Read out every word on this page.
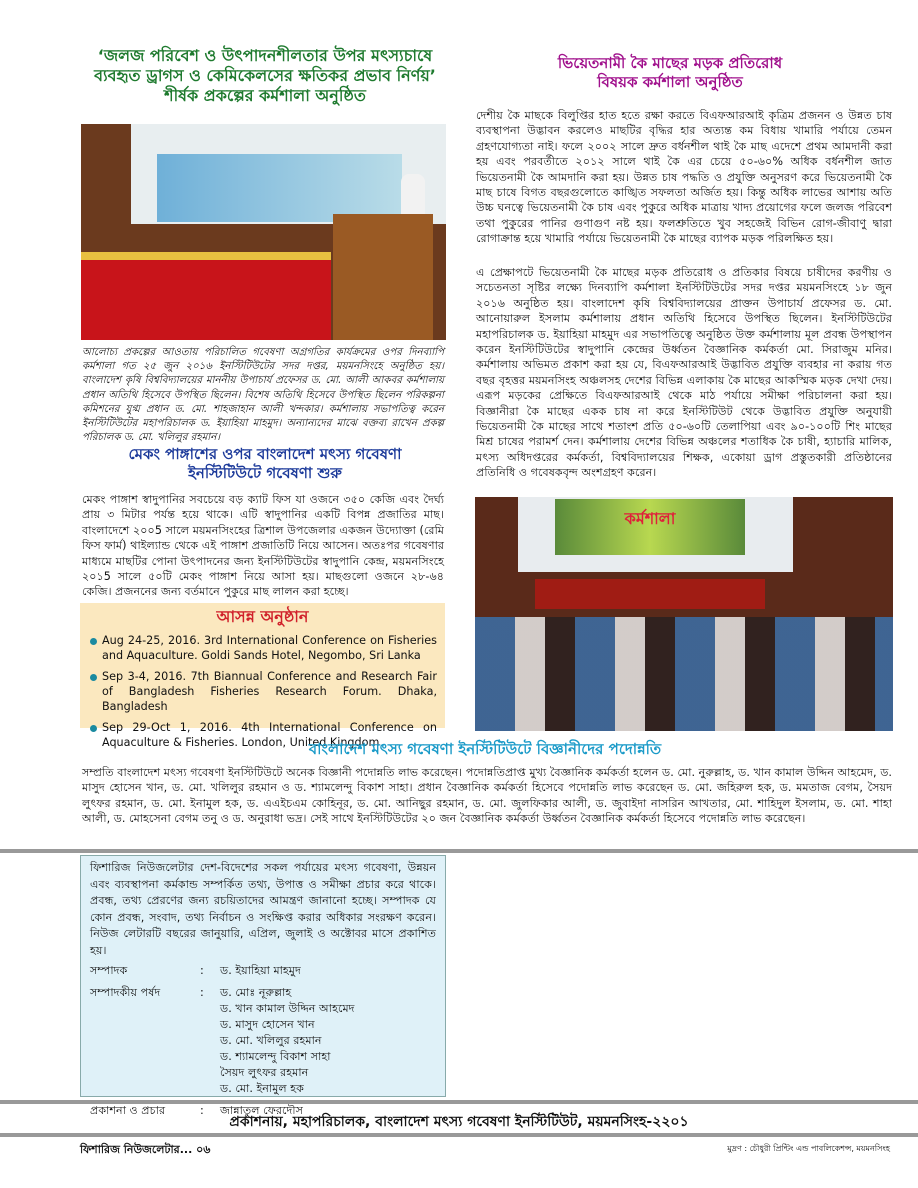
‘জলজ পরিবেশ ও উৎপাদনশীলতার উপর মৎস্যচাষে
ব্যবহৃত ড্রাগস ও কেমিকেলসের ক্ষতিকর প্রভাব নির্ণয়’
শীর্ষক প্রকল্পের কর্মশালা অনুষ্ঠিত
আলোচ্য প্রকল্পের আওতায় পরিচালিত গবেষণা অগ্রগতির কার্যক্রমের ওপর দিনব্যাপি কর্মশালা গত ২৫ জুন ২০১৬ ইনস্টিটিউটের সদর দপ্তর, ময়মনসিংহে অনুষ্ঠিত হয়। বাংলাদেশ কৃষি বিশ্ববিদ্যালয়ের মাননীয় উপাচার্য প্রফেসর ড. মো. আলী আকবর কর্মশালায় প্রধান অতিথি হিসেবে উপস্থিত ছিলেন। বিশেষ অতিথি হিসেবে উপস্থিত ছিলেন পরিকল্পনা কমিশনের যুগ্ম প্রধান ড. মো. শাহজাহান আলী খন্দকার। কর্মশালায় সভাপতিত্ব করেন ইনস্টিটিউটের মহাপরিচালক ড. ইয়াহিয়া মাহমুদ। অন্যান্যদের মাঝে বক্তব্য রাখেন প্রকল্প পরিচালক ড. মো. খলিলুর রহমান।
মেকং পাঙ্গাশের ওপর বাংলাদেশ মৎস্য গবেষণা
ইনস্টিটিউটে গবেষণা শুরু
মেকং পাঙ্গাশ স্বাদুপানির সবচেয়ে বড় ক্যাট ফিস যা ওজনে ৩৫০ কেজি এবং দৈর্ঘ্য প্রায় ৩ মিটার পর্যন্ত হয়ে থাকে। এটি স্বাদুপানির একটি বিপন্ন প্রজাতির মাছ। বাংলাদেশে ২০০5 সালে ময়মনসিংহের ত্রিশাল উপজেলার একজন উদ্যোক্তা (রেমি ফিস ফার্ম) থাইল্যান্ড থেকে এই পাঙ্গাশ প্রজাতিটি নিয়ে আসেন। অতঃপর গবেষণার মাধ্যমে মাছটির পোনা উৎপাদনের জন্য ইনস্টিটিউটের স্বাদুপানি কেন্দ্র, ময়মনসিংহে ২০১5 সালে ৫০টি মেকং পাঙ্গাশ নিয়ে আসা হয়। মাছগুলো ওজনে ২৮-৬৪ কেজি। প্রজননের জন্য বর্তমানে পুকুরে মাছ লালন করা হচ্ছে।
আসন্ন অনুষ্ঠান
Aug 24-25, 2016. 3rd International Conference on Fisheries and Aquaculture. Goldi Sands Hotel, Negombo, Sri Lanka
Sep 3-4, 2016. 7th Biannual Conference and Research Fair of Bangladesh Fisheries Research Forum. Dhaka, Bangladesh
Sep 29-Oct 1, 2016. 4th International Conference on Aquaculture & Fisheries. London, United Kingdom
ভিয়েতনামী কৈ মাছের মড়ক প্রতিরোধ
বিষয়ক কর্মশালা অনুষ্ঠিত
দেশীয় কৈ মাছকে বিলুপ্তির হাত হতে রক্ষা করতে বিএফআরআই কৃত্রিম প্রজনন ও উন্নত চাষ ব্যবস্থাপনা উদ্ভাবন করলেও মাছটির বৃদ্ধির হার অত্যন্ত কম বিধায় খামারি পর্যায়ে তেমন গ্রহণযোগ্যতা নাই। ফলে ২০০২ সালে দ্রুত বর্ধনশীল থাই কৈ মাছ এদেশে প্রথম আমদানী করা হয় এবং পরবর্তীতে ২০১২ সালে থাই কৈ এর চেয়ে ৫০-৬০% অধিক বর্ধনশীল জাত ভিয়েতনামী কৈ আমদানি করা হয়। উন্নত চাষ পদ্ধতি ও প্রযুক্তি অনুসরণ করে ভিয়েতনামী কৈ মাছ চাষে বিগত বছরগুলোতে কাঙ্খিত সফলতা অর্জিত হয়। কিন্তু অধিক লাভের আশায় অতি উচ্চ ঘনত্বে ভিয়েতনামী কৈ চাষ এবং পুকুরে অধিক মাত্রায় খাদ্য প্রয়োগের ফলে জলজ পরিবেশ তথা পুকুরের পানির গুণাগুণ নষ্ট হয়। ফলশ্রুতিতে খুব সহজেই বিভিন রোগ-জীবাণু দ্বারা রোগাক্রান্ত হয়ে খামারি পর্যায়ে ভিয়েতনামী কৈ মাছের ব্যাপক মড়ক পরিলক্ষিত হয়।
এ প্রেক্ষাপটে ভিয়েতনামী কৈ মাছের মড়ক প্রতিরোধ ও প্রতিকার বিষয়ে চাষীদের করণীয় ও সচেতনতা সৃষ্টির লক্ষ্যে দিনব্যাপি কর্মশালা ইনস্টিটিউটের সদর দপ্তর ময়মনসিংহে ১৮ জুন ২০১৬ অনুষ্ঠিত হয়। বাংলাদেশ কৃষি বিশ্ববিদ্যালয়ের প্রাক্তন উপাচার্য প্রফেসর ড. মো. আনোয়ারুল ইসলাম কর্মশালায় প্রধান অতিথি হিসেবে উপস্থিত ছিলেন। ইনস্টিটিউটের মহাপরিচালক ড. ইয়াহিয়া মাহমুদ এর সভাপতিত্বে অনুষ্ঠিত উক্ত কর্মশালায় মূল প্রবন্ধ উপস্থাপন করেন ইনস্টিটিউটের স্বাদুপানি কেন্দ্রের উর্ধ্বতন বৈজ্ঞানিক কর্মকর্তা মো. সিরাজুম মনির। কর্মশালায় অভিমত প্রকাশ করা হয় যে, বিএফআরআই উদ্ভাবিত প্রযুক্তি ব্যবহার না করায় গত বছর বৃহত্তর ময়মনসিংহ অঞ্চলসহ দেশের বিভিন্ন এলাকায় কৈ মাছের আকস্মিক মড়ক দেখা দেয়। এরূপ মড়কের প্রেক্ষিতে বিএফআরআই থেকে মাঠ পর্যায়ে সমীক্ষা পরিচালনা করা হয়। বিজ্ঞানীরা কৈ মাছের একক চাষ না করে ইনস্টিটিউট থেকে উদ্ভাবিত প্রযুক্তি অনুযায়ী ভিয়েতনামী কৈ মাছের সাথে শতাংশ প্রতি ৫০-৬০টি তেলাপিয়া এবং ৯০-১০০টি শিং মাছের মিশ্র চাষের পরামর্শ দেন। কর্মশালায় দেশের বিভিন্ন অঞ্চলের শতাধিক কৈ চাষী, হ্যাচারি মালিক, মৎস্য অধিদপ্তরের কর্মকর্তা, বিশ্ববিদ্যালয়ের শিক্ষক, একোয়া ড্রাগ প্রস্তুতকারী প্রতিষ্ঠানের প্রতিনিধি ও গবেষকবৃন্দ অংশগ্রহণ করেন।
কর্মশালা
বাংলাদেশ মৎস্য গবেষণা ইনস্টিটিউটে বিজ্ঞানীদের পদোন্নতি
সম্প্রতি বাংলাদেশ মৎস্য গবেষণা ইনস্টিটিউটে অনেক বিজ্ঞানী পদোন্নতি লাভ করেছেন। পদোন্নতিপ্রাপ্ত মুখ্য বৈজ্ঞানিক কর্মকর্তা হলেন ড. মো. নুরুল্লাহ, ড. খান কামাল উদ্দিন আহমেদ, ড. মাসুদ হোসেন খান, ড. মো. খলিলুর রহমান ও ড. শ্যামলেন্দু বিকাশ সাহা। প্রধান বৈজ্ঞানিক কর্মকর্তা হিসেবে পদোন্নতি লাভ করেছেন ড. মো. জহিরুল হক, ড. মমতাজ বেগম, সৈয়দ লুৎফর রহমান, ড. মো. ইনামুল হক, ড. এএইচএম কোহিনূর, ড. মো. আনিছুর রহমান, ড. মো. জুলফিকার আলী, ড. জুবাইদা নাসরিন আখতার, মো. শাহিদুল ইসলাম, ড. মো. শাহা আলী, ড. মোহসেনা বেগম তনু ও ড. অনুরাধা ভদ্র। সেই সাথে ইনস্টিটিউটের ২০ জন বৈজ্ঞানিক কর্মকর্তা উর্ধ্বতন বৈজ্ঞানিক কর্মকর্তা হিসেবে পদোন্নতি লাভ করেছেন।
ফিশারিজ নিউজলেটার দেশ-বিদেশের সকল পর্যায়ের মৎস্য গবেষণা, উন্নয়ন এবং ব্যবস্থাপনা কর্মকান্ড সম্পর্কিত তথ্য, উপাত্ত ও সমীক্ষা প্রচার করে থাকে। প্রবন্ধ, তথ্য প্রেরণের জন্য রচয়িতাদের আমন্ত্রণ জানানো হচ্ছে। সম্পাদক যে কোন প্রবন্ধ, সংবাদ, তথ্য নির্বাচন ও সংক্ষিপ্ত করার অধিকার সংরক্ষণ করেন। নিউজ লেটারটি বছরের জানুয়ারি, এপ্রিল, জুলাই ও অক্টোবর মাসে প্রকাশিত হয়।
সম্পাদক	:	ড. ইয়াহিয়া মাহমুদ
সম্পাদকীয় পর্ষদ	:	ড. মোঃ নূরুল্লাহ
ড. খান কামাল উদ্দিন আহমেদ
ড. মাসুদ হোসেন খান
ড. মো. খলিলুর রহমান
ড. শ্যামলেন্দু বিকাশ সাহা
সৈয়দ লুৎফর রহমান
ড. মো. ইনামুল হক
প্রকাশনা ও প্রচার	:	জান্নাতুল ফেরদৌস
প্রকাশনায়, মহাপরিচালক, বাংলাদেশ মৎস্য গবেষণা ইনস্টিটিউট, ময়মনসিংহ-২২০১
ফিশারিজ নিউজলেটার... ০৬	মুদ্রণ : চৌধুরী প্রিন্টিং এন্ড পাবলিকেশন্স, ময়মনসিংহ
